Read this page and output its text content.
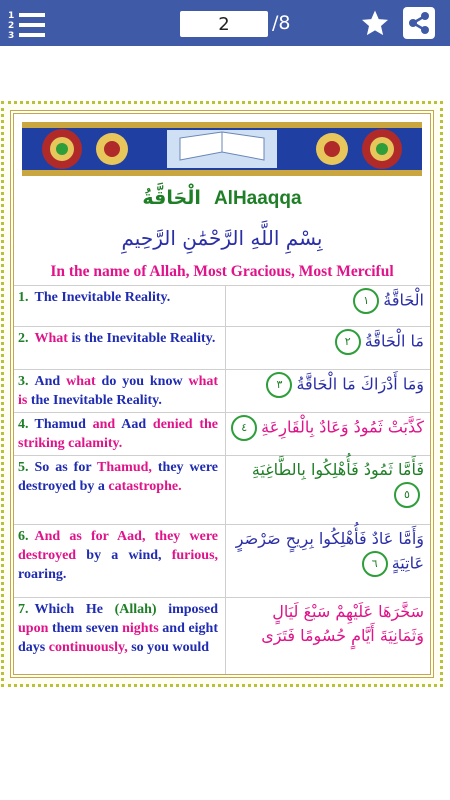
1
2
3
2
/8
الْحَاقَّةُ AlHaaqqa
بِسْمِ اللَّهِ الرَّحْمَٰنِ الرَّحِيمِ
In the name of Allah, Most Gracious, Most Merciful
1. The Inevitable Reality.	الْحَاقَّةُ١
2. What is the Inevitable Reality.	مَا الْحَاقَّةُ٢
3. And what do you know what is the Inevitable Reality.
وَمَا أَدْرَاكَ مَا الْحَاقَّةُ٣
4. Thamud and Aad denied the striking calamity.
كَذَّبَتْ ثَمُودُ وَعَادٌ بِالْقَارِعَةِ٤
5. So as for Thamud, they were destroyed by a catastrophe.
فَأَمَّا ثَمُودُ فَأُهْلِكُوا بِالطَّاغِيَةِ
٥
6. And as for Aad, they were destroyed by a wind, furious, roaring.
وَأَمَّا عَادٌ فَأُهْلِكُوا بِرِيحٍ صَرْصَرٍ عَاتِيَةٍ٦
7. Which He (Allah) imposed upon them seven nights and eight days continuously, so you would
سَخَّرَهَا عَلَيْهِمْ سَبْعَ لَيَالٍ
وَثَمَانِيَةَ أَيَّامٍ حُسُومًا فَتَرَى
